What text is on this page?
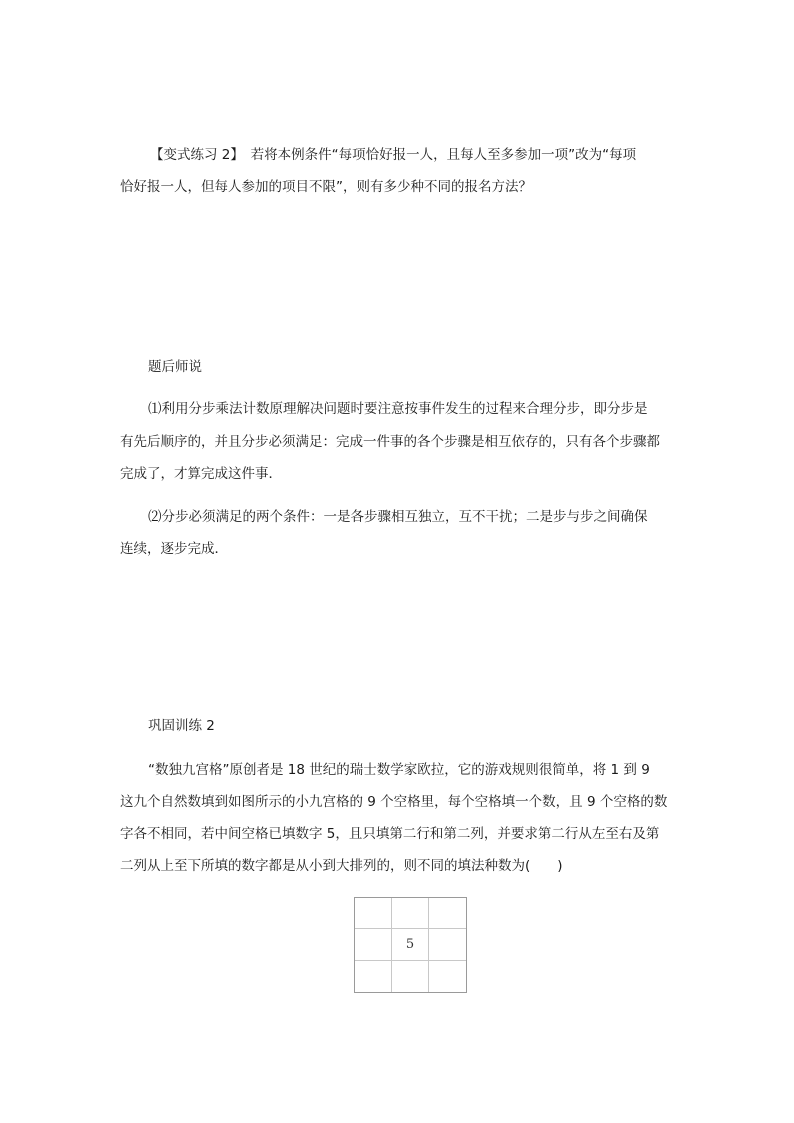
【变式练习 2】　若将本例条件“每项恰好报一人，且每人至多参加一项”改为“每项
恰好报一人，但每人参加的项目不限”，则有多少种不同的报名方法？
题后师说
⑴利用分步乘法计数原理解决问题时要注意按事件发生的过程来合理分步，即分步是
有先后顺序的，并且分步必须满足：完成一件事的各个步骤是相互依存的，只有各个步骤都
完成了，才算完成这件事．
⑵分步必须满足的两个条件：一是各步骤相互独立，互不干扰；二是步与步之间确保
连续，逐步完成．
巩固训练 2
“数独九宫格”原创者是 18 世纪的瑞士数学家欧拉，它的游戏规则很简单，将 1 到 9
这九个自然数填到如图所示的小九宫格的 9 个空格里，每个空格填一个数，且 9 个空格的数
字各不相同，若中间空格已填数字 5，且只填第二行和第二列，并要求第二行从左至右及第
二列从上至下所填的数字都是从小到大排列的，则不同的填法种数为(　　)
5
